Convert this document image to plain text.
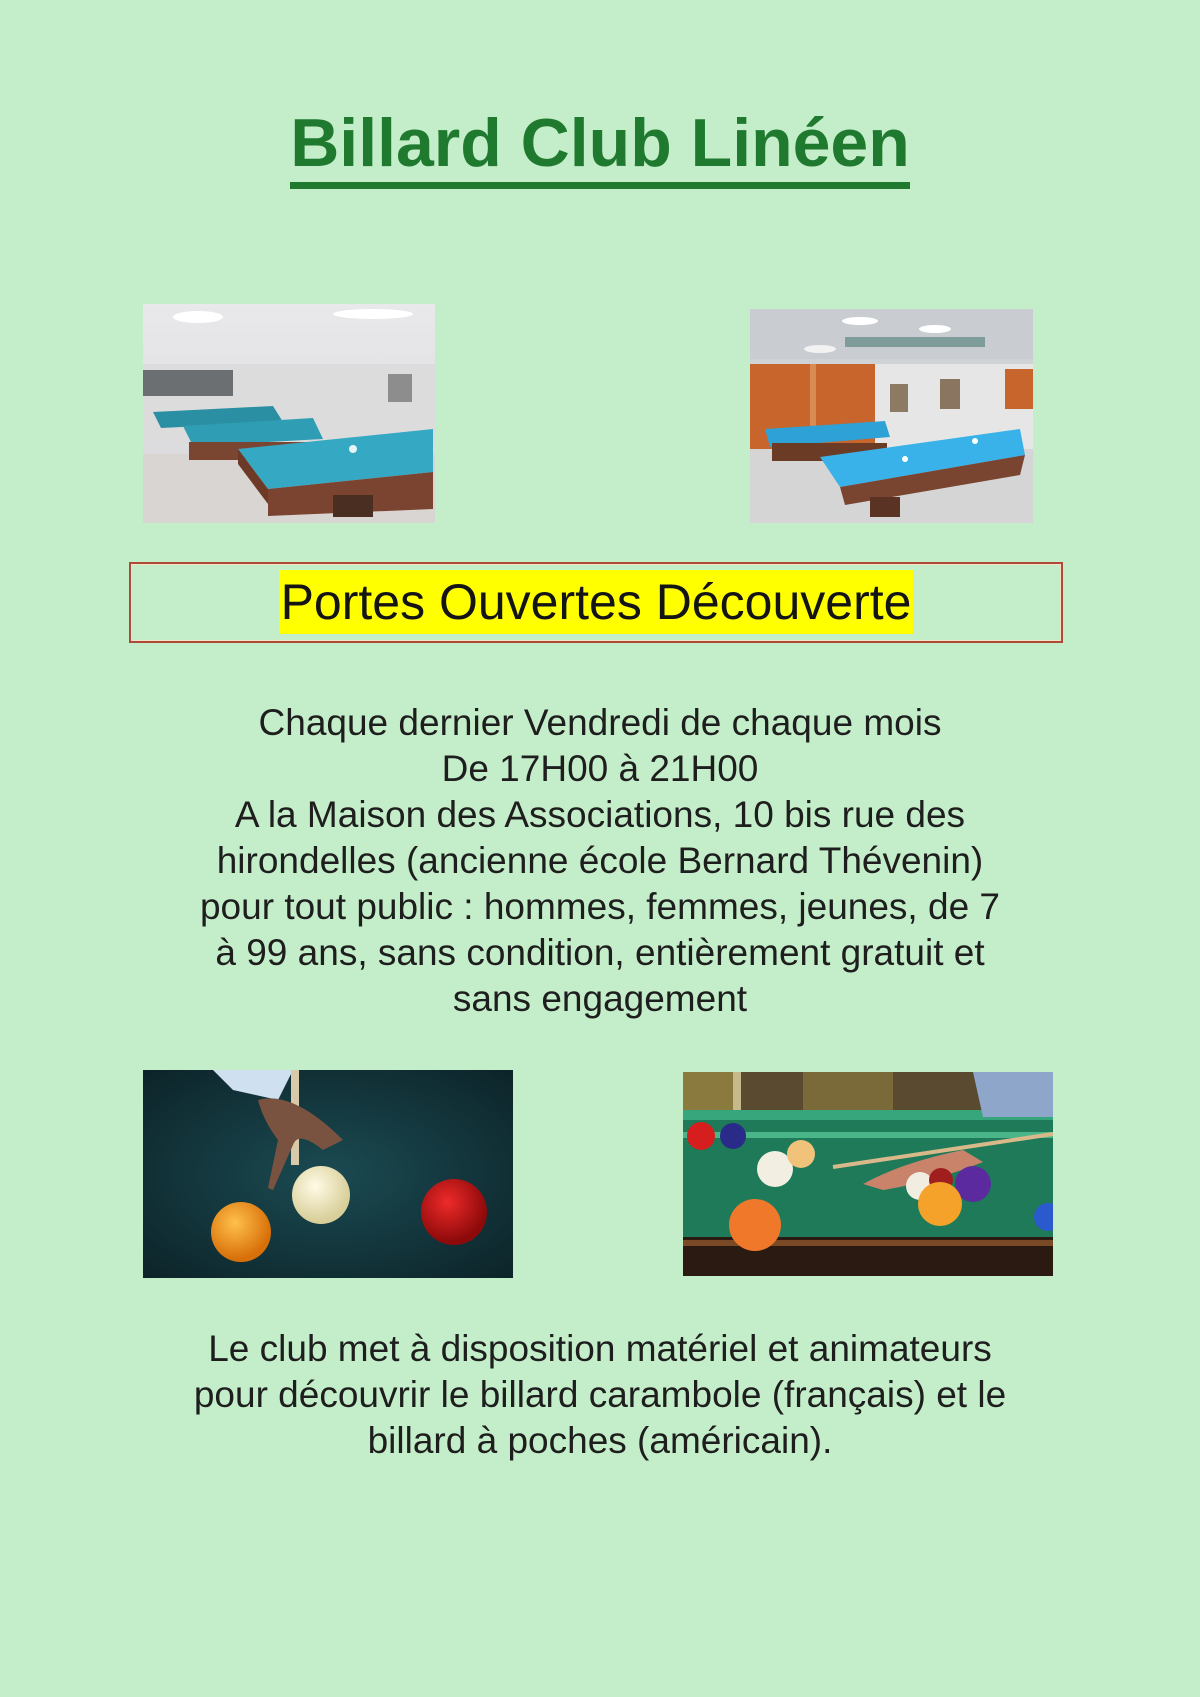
Billard Club Linéen
Portes Ouvertes Découverte
Chaque dernier Vendredi de chaque mois
De 17H00 à 21H00
A la Maison des Associations, 10 bis rue des
hirondelles (ancienne école Bernard Thévenin)
pour tout public : hommes, femmes, jeunes, de 7
à 99 ans, sans condition, entièrement gratuit et
sans engagement
Le club met à disposition matériel et animateurs
pour découvrir le billard carambole (français) et le
billard à poches (américain).
